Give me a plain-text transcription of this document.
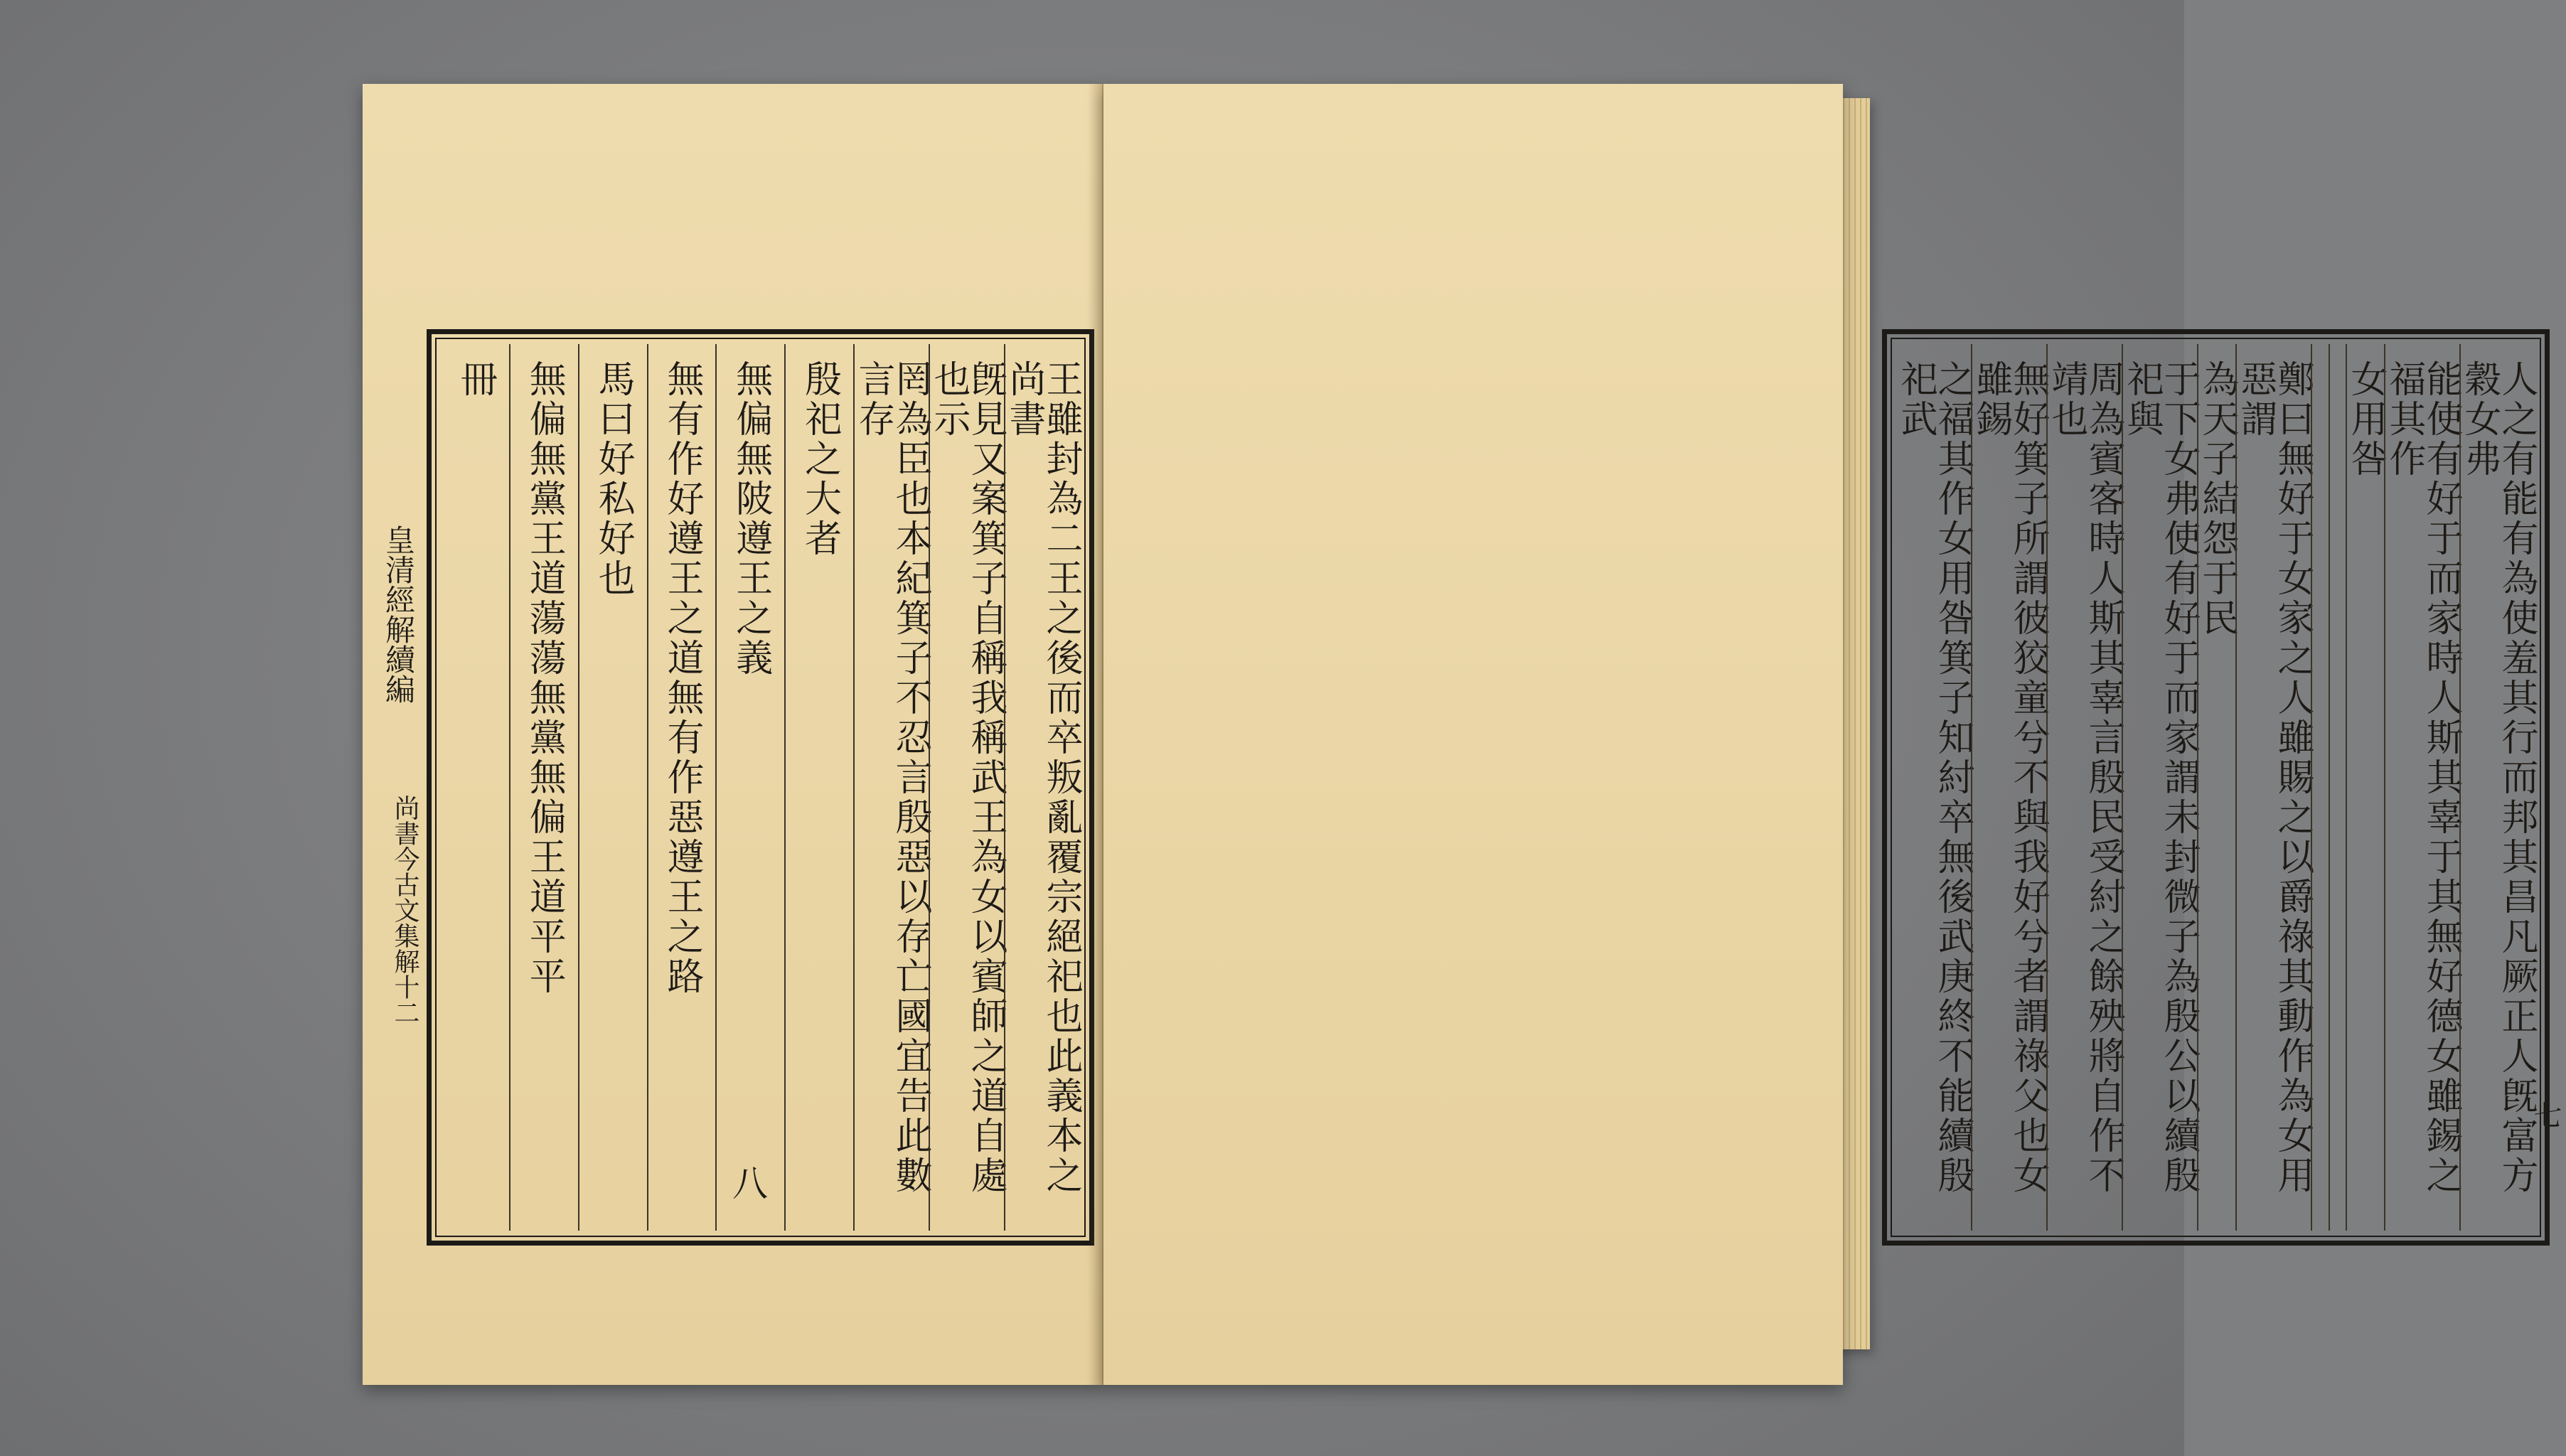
皇清經解續編
尚書今古文集解十二
八	王雖封為二王之後而卒叛亂覆宗絕祀也此義本之尚書
旣見又案箕子自稱我稱武王為女以賓師之道自處也示
罔為臣也本紀箕子不忍言殷惡以存亡國宜告此數言存
殷祀之大者
無偏無陂遵王之義
無有作好遵王之道無有作惡遵王之路
馬曰好私好也
無偏無黨王道蕩蕩無黨無偏王道平平
冊
七
人之有能有為使羞其行而邦其昌凡厥正人旣富方穀女弗
能使有好于而家時人斯其辜于其無好德女雖錫之福其作
女用咎
鄭曰無好于女家之人雖賜之以爵祿其動作為女用惡謂
為天子結怨于民
于下女弗使有好于而家謂未封微子為殷公以續殷祀與
周為賓客時人斯其辜言殷民受紂之餘殃將自作不靖也
無好箕子所謂彼狡童兮不與我好兮者謂祿父也女雖錫
之福其作女用咎箕子知紂卒無後武庚終不能續殷祀武
